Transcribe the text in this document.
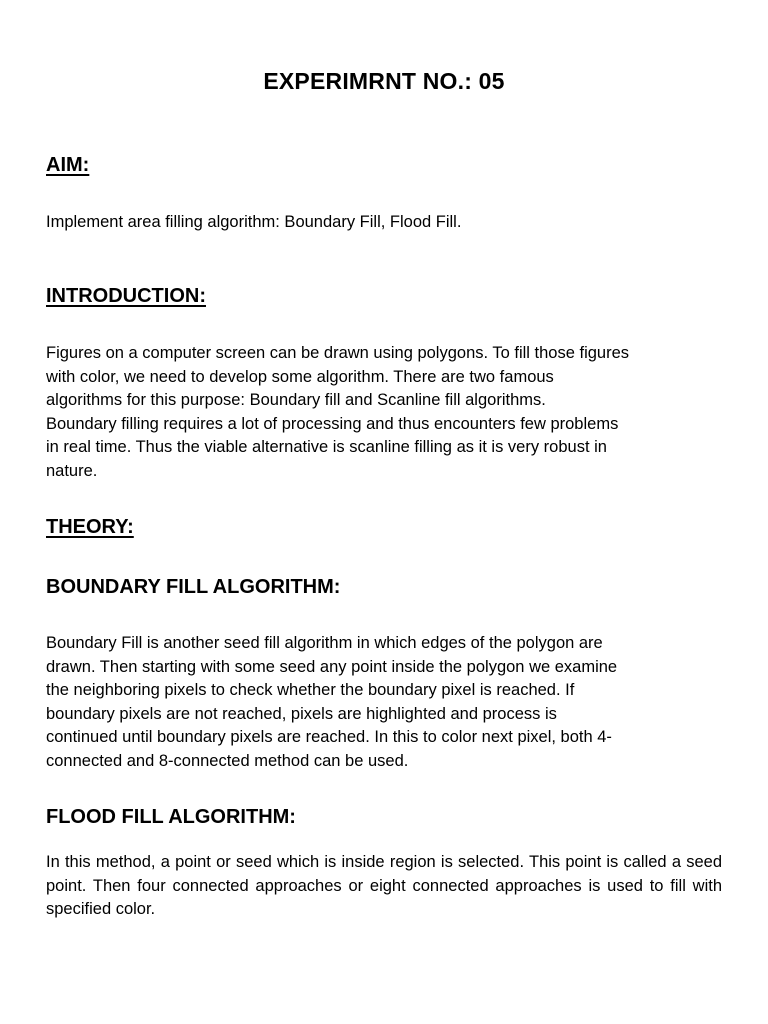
EXPERIMRNT NO.: 05
AIM:
Implement area filling algorithm: Boundary Fill, Flood Fill.
INTRODUCTION:
Figures on a computer screen can be drawn using polygons. To fill those figures
with color, we need to develop some algorithm. There are two famous
algorithms for this purpose: Boundary fill and Scanline fill algorithms.
Boundary filling requires a lot of processing and thus encounters few problems
in real time. Thus the viable alternative is scanline filling as it is very robust in
nature.
THEORY:
BOUNDARY FILL ALGORITHM:
Boundary Fill is another seed fill algorithm in which edges of the polygon are
drawn. Then starting with some seed any point inside the polygon we examine
the neighboring pixels to check whether the boundary pixel is reached. If
boundary pixels are not reached, pixels are highlighted and process is
continued until boundary pixels are reached. In this to color next pixel, both 4-
connected and 8-connected method can be used.
FLOOD FILL ALGORITHM:
In this method, a point or seed which is inside region is selected. This point is called a seed point. Then four connected approaches or eight connected approaches is used to fill with specified color.
